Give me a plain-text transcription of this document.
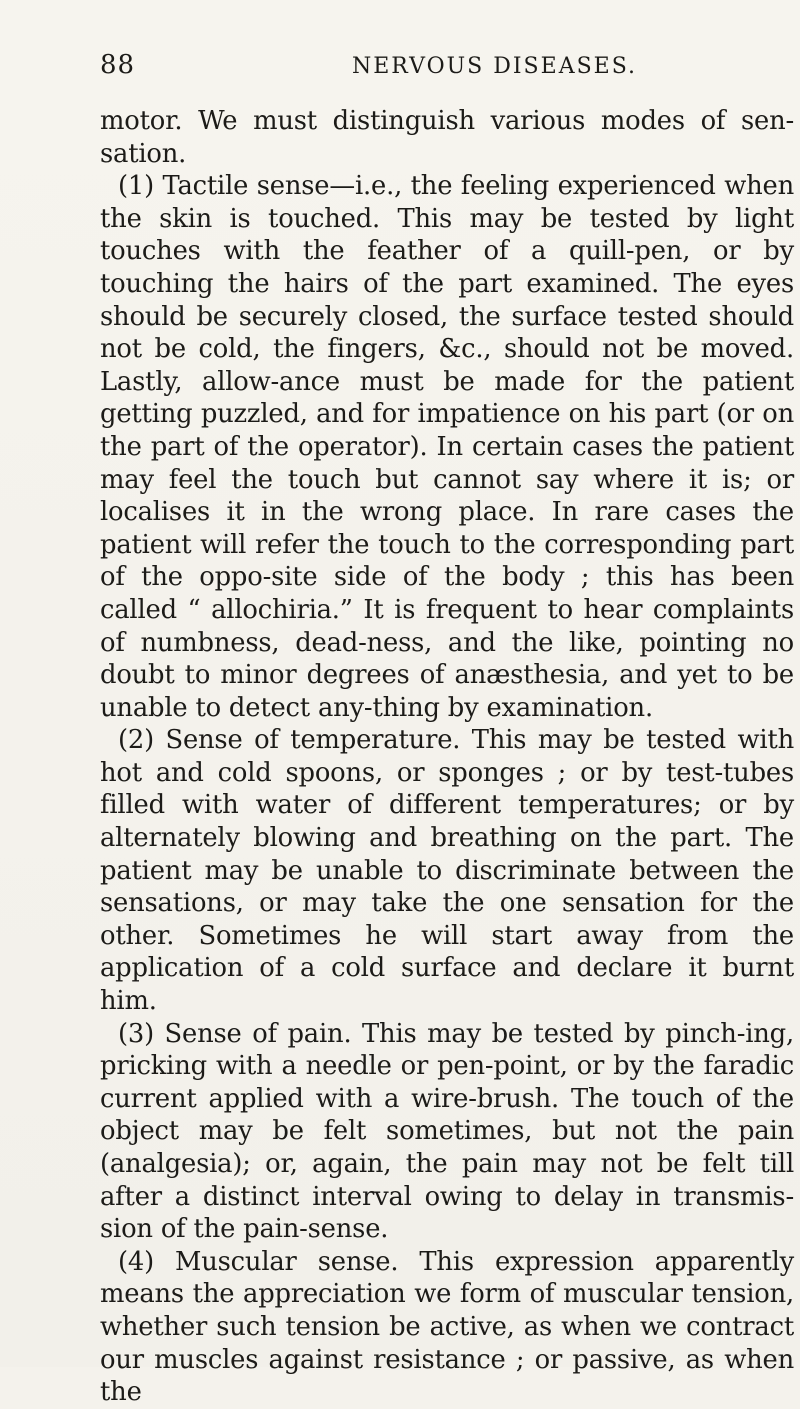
88	NERVOUS DISEASES.

motor. We must distinguish various modes of sen-sation.

(1) Tactile sense—i.e., the feeling experienced when the skin is touched. This may be tested by light touches with the feather of a quill-pen, or by touching the hairs of the part examined. The eyes should be securely closed, the surface tested should not be cold, the fingers, &c., should not be moved. Lastly, allow-ance must be made for the patient getting puzzled, and for impatience on his part (or on the part of the operator). In certain cases the patient may feel the touch but cannot say where it is; or localises it in the wrong place. In rare cases the patient will refer the touch to the corresponding part of the oppo-site side of the body ; this has been called “ allochiria.” It is frequent to hear complaints of numbness, dead-ness, and the like, pointing no doubt to minor degrees of anæsthesia, and yet to be unable to detect any-thing by examination.

(2) Sense of temperature. This may be tested with hot and cold spoons, or sponges ; or by test-tubes filled with water of different temperatures; or by alternately blowing and breathing on the part. The patient may be unable to discriminate between the sensations, or may take the one sensation for the other. Sometimes he will start away from the application of a cold surface and declare it burnt him.

(3) Sense of pain. This may be tested by pinch-ing, pricking with a needle or pen-point, or by the faradic current applied with a wire-brush. The touch of the object may be felt sometimes, but not the pain (analgesia); or, again, the pain may not be felt till after a distinct interval owing to delay in transmis-sion of the pain-sense.

(4) Muscular sense. This expression apparently means the appreciation we form of muscular tension, whether such tension be active, as when we contract our muscles against resistance ; or passive, as when the
